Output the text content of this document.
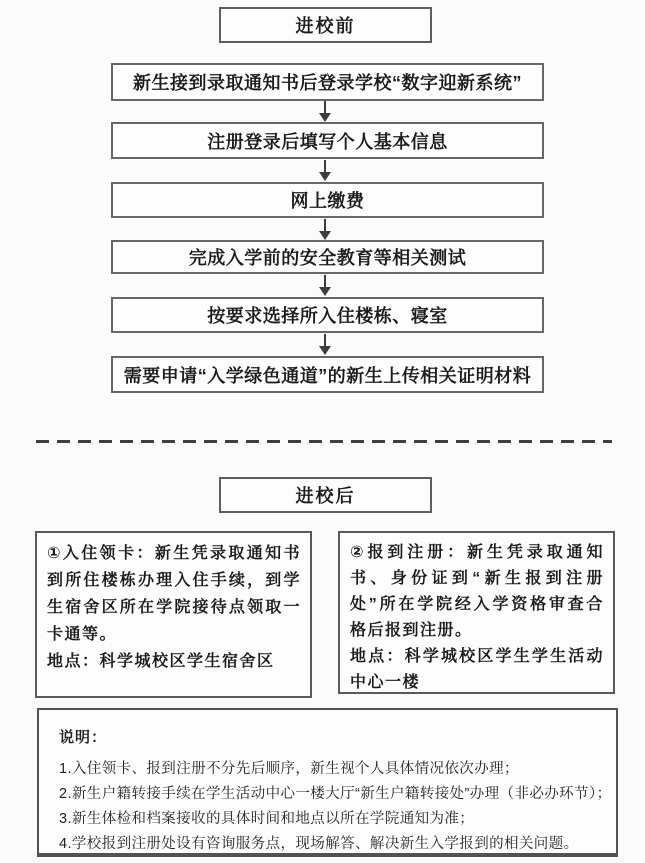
进校前
新生接到录取通知书后登录学校“数字迎新系统”
注册登录后填写个人基本信息
网上缴费
完成入学前的安全教育等相关测试
按要求选择所入住楼栋、寝室
需要申请“入学绿色通道”的新生上传相关证明材料
进校后

①入住领卡：新生凭录取通知书到所住楼栋办理入住手续，到学生宿舍区所在学院接待点领取一卡通等。

地点：科学城校区学生宿舍区

②报到注册：新生凭录取通知书、身份证到“新生报到注册处”所在学院经入学资格审查合格后报到注册。

地点：科学城校区学生学生活动中心一楼

说明：
1.入住领卡、报到注册不分先后顺序，新生视个人具体情况依次办理；
2.新生户籍转接手续在学生活动中心一楼大厅“新生户籍转接处”办理（非必办环节）；
3.新生体检和档案接收的具体时间和地点以所在学院通知为准；
4.学校报到注册处设有咨询服务点，现场解答、解决新生入学报到的相关问题。
